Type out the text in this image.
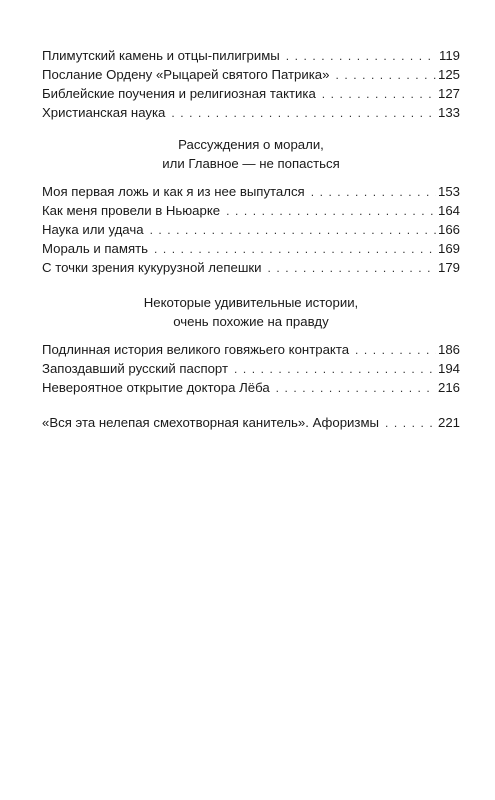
Плимутский камень и отцы-пилигримы . . .	119
Послание Ордену «Рыцарей святого Патрика» . . .	125
Библейские поучения и религиозная тактика . . .	127
Христианская наука . . .	133
Рассуждения о морали,
или Главное — не попасться
Моя первая ложь и как я из нее выпутался . . .	153
Как меня провели в Ньюарке . . .	164
Наука или удача . . .	166
Мораль и память . . .	169
С точки зрения кукурузной лепешки . . .	179
Некоторые удивительные истории,
очень похожие на правду
Подлинная история великого говяжьего контракта . . .	186
Запоздавший русский паспорт . . .	194
Невероятное открытие доктора Лёба . . .	216
«Вся эта нелепая смехотворная канитель». Афоризмы . . .	221
